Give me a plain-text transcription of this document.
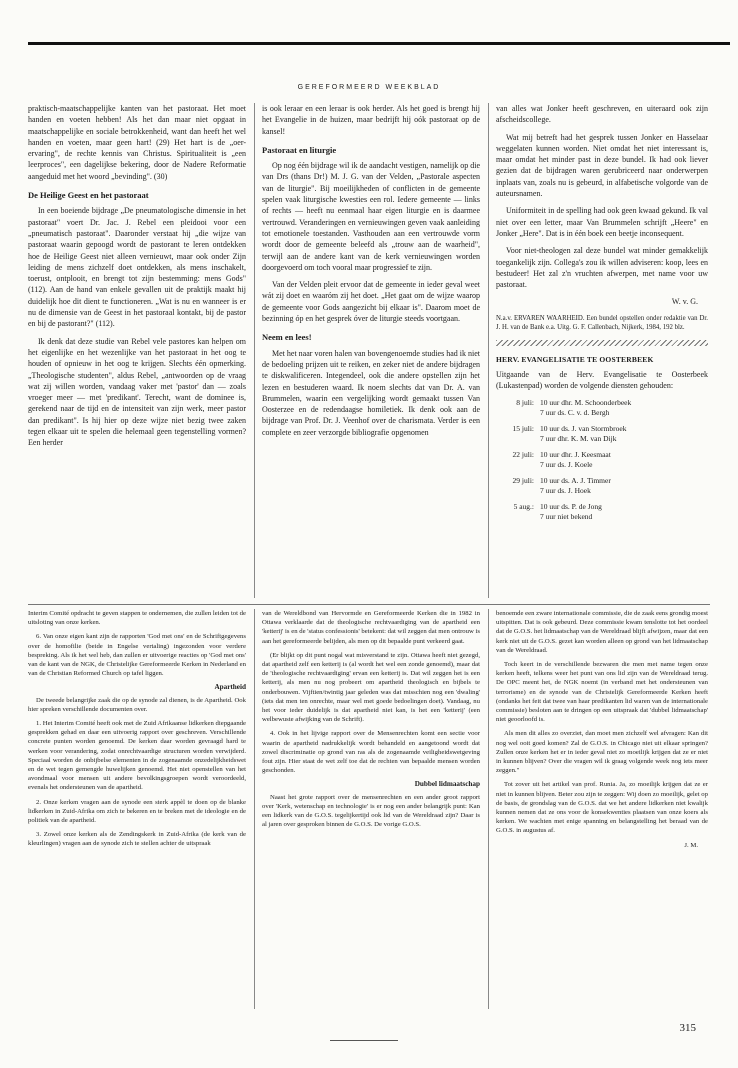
GEREFORMEERD WEEKBLAD

praktisch-maatschappelijke kanten van het pastoraat. Het moet handen en voeten hebben! Als het dan maar niet opgaat in maatschappelijke en sociale betrokkenheid, want dan heeft het wel handen en voeten, maar geen hart! (29) Het hart is de „oer-ervaring", de rechte kennis van Christus. Spiritualiteit is „een leerproces", een dagelijkse bekering, door de Nadere Reformatie aangeduid met het woord „bevinding". (30)

De Heilige Geest en het pastoraat

In een boeiende bijdrage „De pneumatologische dimensie in het pastoraat" voert Dr. Jac. J. Rebel een pleidooi voor een „pneumatisch pastoraat". Daaronder verstaat hij „die wijze van pastoraat waarin gepoogd wordt de pastorant te leren ontdekken hoe de Heilige Geest niet alleen vernieuwt, maar ook onder Zijn leiding de mens zichzelf doet ontdekken, als mens inschakelt, toerust, ontplooit, en brengt tot zijn bestemming: mens Gods" (112). Aan de hand van enkele gevallen uit de praktijk maakt hij duidelijk hoe dit dient te functioneren. „Wat is nu en wanneer is er nu de dimensie van de Geest in het pastoraal kontakt, bij de pastor en bij de pastorant?" (112).

Ik denk dat deze studie van Rebel vele pastores kan helpen om het eigenlijke en het wezenlijke van het pastoraat in het oog te houden of opnieuw in het oog te krijgen. Slechts één opmerking. „Theologische studenten", aldus Rebel, „antwoorden op de vraag wat zij willen worden, vandaag vaker met 'pastor' dan — zoals vroeger meer — met 'predikant'. Terecht, want de dominee is, gerekend naar de tijd en de intensiteit van zijn werk, meer pastor dan predikant". Is hij hier op deze wijze niet bezig twee zaken tegen elkaar uit te spelen die helemaal geen tegenstelling vormen? Een herder

is ook leraar en een leraar is ook herder. Als het goed is brengt hij het Evangelie in de huizen, maar bedrijft hij oók pastoraat op de kansel!

Pastoraat en liturgie

Op nog één bijdrage wil ik de aandacht vestigen, namelijk op die van Drs (thans Dr!) M. J. G. van der Velden, „Pastorale aspecten van de liturgie". Bij moeilijkheden of conflicten in de gemeente spelen vaak liturgische kwesties een rol. Iedere gemeente — links of rechts — heeft nu eenmaal haar eigen liturgie en is daarmee vertrouwd. Veranderingen en vernieuwingen geven vaak aanleiding tot emotionele toestanden. Vasthouden aan een vertrouwde vorm wordt door de gemeente beleefd als „trouw aan de waarheid", terwijl aan de andere kant van de kerk vernieuwingen worden doorgevoerd om toch vooral maar progressief te zijn.

Van der Velden pleit ervoor dat de gemeente in ieder geval weet wát zij doet en waaróm zij het doet. „Het gaat om de wijze waarop de gemeente voor Gods aangezicht bij elkaar is". Daarom moet de bezinning óp en het gesprek óver de liturgie steeds voortgaan.

Neem en lees!

Met het naar voren halen van bovengenoemde studies had ik niet de bedoeling prijzen uit te reiken, en zeker niet de andere bijdragen te diskwalificeren. Integendeel, ook die andere opstellen zijn het lezen en bestuderen waard. Ik noem slechts dat van Dr. A. van Brummelen, waarin een vergelijking wordt gemaakt tussen Van Oosterzee en de redendaagse homiletiek. Ik denk ook aan de bijdrage van Prof. Dr. J. Veenhof over de charismata. Verder is een complete en zeer verzorgde bibliografie opgenomen

van alles wat Jonker heeft geschreven, en uiteraard ook zijn afscheidscollege.

Wat mij betreft had het gesprek tussen Jonker en Hasselaar weggelaten kunnen worden. Niet omdat het niet interessant is, maar omdat het minder past in deze bundel. Ik had ook liever gezien dat de bijdragen waren gerubriceerd naar onderwerpen inplaats van, zoals nu is gebeurd, in alfabetische volgorde van de auteursnamen.

Uniformiteit in de spelling had ook geen kwaad gekund. Ik val niet over een letter, maar Van Brummelen schrijft „Heere" en Jonker „Here". Dat is in één boek een beetje inconsequent.

Voor niet-theologen zal deze bundel wat minder gemakkelijk toegankelijk zijn. Collega's zou ik willen adviseren: koop, lees en bestudeer! Het zal z'n vruchten afwerpen, met name voor uw pastoraat.

W. v. G.
N.a.v. ERVAREN WAARHEID. Een bundel opstellen onder redaktie van Dr. J. H. van de Bank e.a. Uitg. G. F. Callenbach, Nijkerk, 1984, 192 blz.
HERV. EVANGELISATIE TE OOSTERBEEK

Uitgaande van de Herv. Evangelisatie te Oosterbeek (Lukastenpad) worden de volgende diensten gehouden:

8 juli:	10 uur dhr. M. Schoonderbeek
7 uur ds. C. v. d. Bergh

15 juli:	10 uur ds. J. van Stormbroek
7 uur dhr. K. M. van Dijk

22 juli:	10 uur dhr. J. Keesmaat
7 uur ds. J. Koele

29 juli:	10 uur ds. A. J. Timmer
7 uur ds. J. Hoek

5 aug.:	10 uur ds. P. de Jong
7 uur niet bekend

Interim Comité opdracht te geven stappen te ondernemen, die zullen leiden tot de uitsloting van onze kerken.

6. Van onze eigen kant zijn de rapporten 'God met ons' en de Schriftgegevens over de homofilie (beide in Engelse vertaling) ingezonden voor verdere bespreking. Als ik het wel heb, dan zullen er uitvoerige reacties op 'God met ons' van de kant van de NGK, de Christelijke Gereformeerde Kerken in Nederland en van de Christian Reformed Church op tafel liggen.

Apartheid

De tweede belangrijke zaak die op de synode zal dienen, is de Apartheid. Ook hier spreken verschillende documenten over.

1. Het Interim Comité heeft ook met de Zuid Afrikaanse lidkerken diepgaande gesprekken gehad en daar een uitvoerig rapport over geschreven. Verschillende concrete punten worden genoemd. De kerken daar worden gevraagd hard te werken voor verandering, zodat onrechtvaardige structuren worden verwijderd. Speciaal worden de onbijbelse elementen in de zogenaamde onzedelijkheidswet en de wet tegen gemengde huwelijken genoemd. Het niet openstellen van het avondmaal voor mensen uit andere bevolkingsgroepen wordt veroordeeld, evenals het ondersteunen van de apartheid.

2. Onze kerken vragen aan de synode een sterk appèl te doen op de blanke lidkerken in Zuid-Afrika om zich te bekeren en te breken met de ideologie en de politiek van de apartheid.

3. Zowel onze kerken als de Zendingskerk in Zuid-Afrika (de kerk van de kleurlingen) vragen aan de synode zich te stellen achter de uitspraak

van de Wereldbond van Hervormde en Gereformeerde Kerken die in 1982 in Ottawa verklaarde dat de theologische rechtvaardiging van de apartheid een 'ketterij' is en de 'status confessionis' betekent: dat wil zeggen dat men ontrouw is aan het gereformeerde belijden, als men op dit bepaalde punt verkeerd gaat.

(Er blijkt op dit punt nogal wat misverstand te zijn. Ottawa heeft niet gezegd, dat apartheid zelf een ketterij is (al wordt het wel een zonde genoemd), maar dat de 'theologische rechtvaardiging' ervan een ketterij is. Dat wil zeggen het is een ketterij, als men nu nog probeert om apartheid theologisch en bijbels te onderbouwen. Vijftien/twintig jaar geleden was dat misschien nog een 'dwaling' (iets dat men ten onrechte, maar wel met goede bedoelingen doet). Vandaag, nu het voor ieder duidelijk is dat apartheid niet kan, is het een 'ketterij' (een welbewuste afwijking van de Schrift).

4. Ook in het lijvige rapport over de Mensenrechten komt een sectie voor waarin de apartheid nadrukkelijk wordt behandeld en aangetoond wordt dat zowel discriminatie op grond van ras als de zogenaamde veiligheidswetgeving fout zijn. Hier staat de wet zelf toe dat de rechten van bepaalde mensen worden geschonden.

Dubbel lidmaatschap

Naast het grote rapport over de mensenrechten en een ander groot rapport over 'Kerk, wetenschap en technologie' is er nog een ander belangrijk punt: Kan een lidkerk van de G.O.S. tegelijkertijd ook lid van de Wereldraad zijn? Daar is al jaren over gesproken binnen de G.O.S. De vorige G.O.S.

benoemde een zware internationale commissie, die de zaak eens grondig moest uitspitten. Dat is ook gebeurd. Deze commissie kwam tenslotte tot het oordeel dat de G.O.S. het lidmaatschap van de Wereldraad blijft afwijzen, maar dat een kerk niet uit de G.O.S. gezet kan worden alleen op grond van het lidmaatschap van de Wereldraad.

Toch keert in de verschillende bezwaren die men met name tegen onze kerken heeft, telkens weer het punt van ons lid zijn van de Wereldraad terug. De OPC meent het, de NGK noemt (in verband met het ondersteunen van terrorisme) en de synode van de Christelijk Gereformeerde Kerken heeft (ondanks het feit dat twee van haar predikanten lid waren van de internationale commissie) besloten aan te dringen op een uitspraak dat 'dubbel lidmaatschap' niet geoorloofd is.

Als men dit alles zo overziet, dan moet men zichzelf wel afvragen: Kan dit nog wel ooit goed komen? Zal de G.O.S. in Chicago niet uit elkaar springen? Zullen onze kerken het er in ieder geval niet zo moeilijk krijgen dat ze er niet in kunnen blijven? Over die vragen wil ik graag volgende week nog iets meer zeggen."

Tot zover uit het artikel van prof. Runia. Ja, zo moeilijk krijgen dat ze er niet in kunnen blijven. Beter zou zijn te zeggen: Wij doen zo moeilijk, gelet op de basis, de grondslag van de G.O.S. dat we het andere lidkerken niet kwalijk kunnen nemen dat ze ons voor de konsekwenties plaatsen van onze koers als kerken. We wachten met enige spanning en belangstelling het beraad van de G.O.S. in augustus af.

J. M.
315
